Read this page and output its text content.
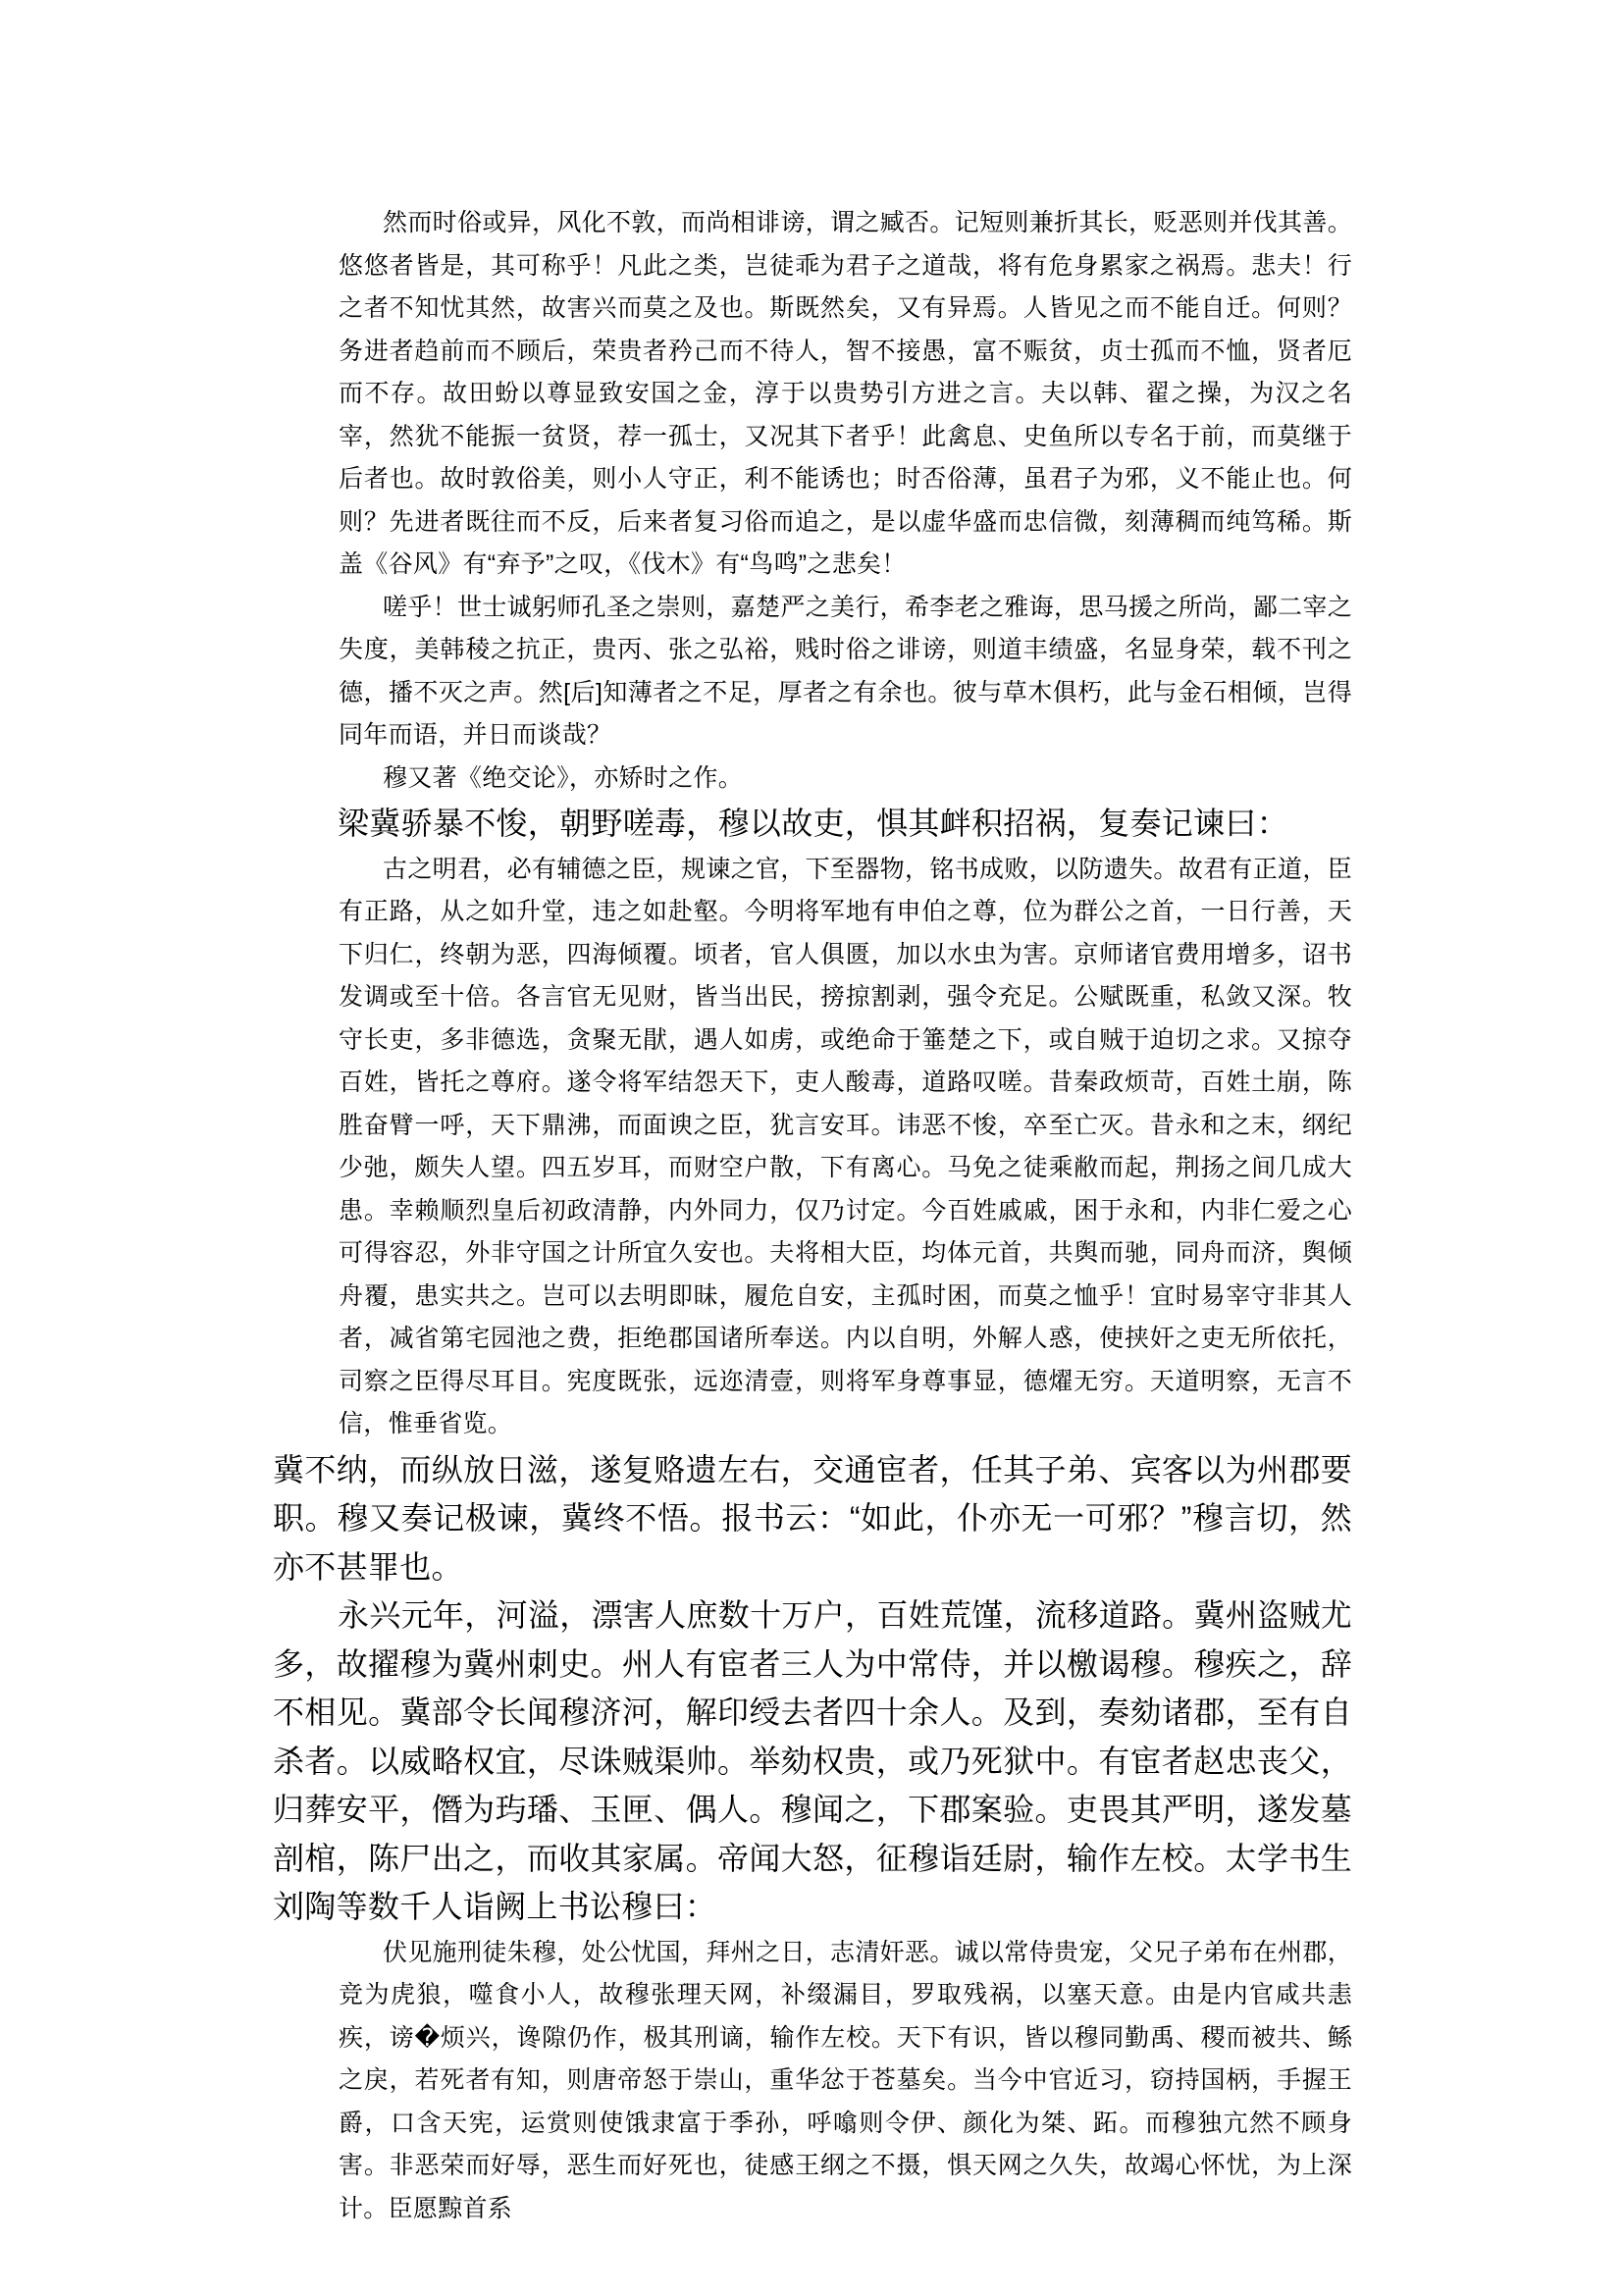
然而时俗或异，风化不敦，而尚相诽谤，谓之臧否。记短则兼折其长，贬恶则并伐其善。悠悠者皆是，其可称乎！凡此之类，岂徒乖为君子之道哉，将有危身累家之祸焉。悲夫！行之者不知忧其然，故害兴而莫之及也。斯既然矣，又有异焉。人皆见之而不能自迁。何则？务进者趋前而不顾后，荣贵者矜己而不待人，智不接愚，富不赈贫，贞士孤而不恤，贤者厄而不存。故田蚡以尊显致安国之金，淳于以贵势引方进之言。夫以韩、翟之操，为汉之名宰，然犹不能振一贫贤，荐一孤士，又况其下者乎！此禽息、史鱼所以专名于前，而莫继于后者也。故时敦俗美，则小人守正，利不能诱也；时否俗薄，虽君子为邪，义不能止也。何则？先进者既往而不反，后来者复习俗而追之，是以虚华盛而忠信微，刻薄稠而纯笃稀。斯盖《谷风》有“弃予”之叹，《伐木》有“鸟鸣”之悲矣！

嗟乎！世士诚躬师孔圣之崇则，嘉楚严之美行，希李老之雅诲，思马援之所尚，鄙二宰之失度，美韩稜之抗正，贵丙、张之弘裕，贱时俗之诽谤，则道丰绩盛，名显身荣，载不刊之德，播不灭之声。然[后]知薄者之不足，厚者之有余也。彼与草木俱朽，此与金石相倾，岂得同年而语，并日而谈哉？

穆又著《绝交论》，亦矫时之作。

梁冀骄暴不悛，朝野嗟毒，穆以故吏，惧其衅积招祸，复奏记谏曰：

古之明君，必有辅德之臣，规谏之官，下至器物，铭书成败，以防遗失。故君有正道，臣有正路，从之如升堂，违之如赴壑。今明将军地有申伯之尊，位为群公之首，一日行善，天下归仁，终朝为恶，四海倾覆。顷者，官人俱匮，加以水虫为害。京师诸官费用增多，诏书发调或至十倍。各言官无见财，皆当出民，搒掠割剥，强令充足。公赋既重，私敛又深。牧守长吏，多非德选，贪聚无猒，遇人如虏，或绝命于箠楚之下，或自贼于迫切之求。又掠夺百姓，皆托之尊府。遂令将军结怨天下，吏人酸毒，道路叹嗟。昔秦政烦苛，百姓土崩，陈胜奋臂一呼，天下鼎沸，而面谀之臣，犹言安耳。讳恶不悛，卒至亡灭。昔永和之末，纲纪少弛，颇失人望。四五岁耳，而财空户散，下有离心。马免之徒乘敝而起，荆扬之间几成大患。幸赖顺烈皇后初政清静，内外同力，仅乃讨定。今百姓戚戚，困于永和，内非仁爱之心可得容忍，外非守国之计所宜久安也。夫将相大臣，均体元首，共舆而驰，同舟而济，舆倾舟覆，患实共之。岂可以去明即昧，履危自安，主孤时困，而莫之恤乎！宜时易宰守非其人者，减省第宅园池之费，拒绝郡国诸所奉送。内以自明，外解人惑，使挟奸之吏无所依托，司察之臣得尽耳目。宪度既张，远迩清壹，则将军身尊事显，德燿无穷。天道明察，无言不信，惟垂省览。

冀不纳，而纵放日滋，遂复赂遗左右，交通宦者，任其子弟、宾客以为州郡要职。穆又奏记极谏，冀终不悟。报书云：“如此，仆亦无一可邪？”穆言切，然亦不甚罪也。

永兴元年，河溢，漂害人庶数十万户，百姓荒馑，流移道路。冀州盗贼尤多，故擢穆为冀州刺史。州人有宦者三人为中常侍，并以檄谒穆。穆疾之，辞不相见。冀部令长闻穆济河，解印绶去者四十余人。及到，奏劾诸郡，至有自杀者。以威略权宜，尽诛贼渠帅。举劾权贵，或乃死狱中。有宦者赵忠丧父，归葬安平，僭为玙璠、玉匣、偶人。穆闻之，下郡案验。吏畏其严明，遂发墓剖棺，陈尸出之，而收其家属。帝闻大怒，征穆诣廷尉，输作左校。太学书生刘陶等数千人诣阙上书讼穆曰：

伏见施刑徒朱穆，处公忧国，拜州之日，志清奸恶。诚以常侍贵宠，父兄子弟布在州郡，竞为虎狼，噬食小人，故穆张理天网，补缀漏目，罗取残祸，以塞天意。由是内官咸共恚疾，谤�烦兴，谗隙仍作，极其刑谪，输作左校。天下有识，皆以穆同勤禹、稷而被共、鲧之戾，若死者有知，则唐帝怒于崇山，重华忿于苍墓矣。当今中官近习，窃持国柄，手握王爵，口含天宪，运赏则使饿隶富于季孙，呼噏则令伊、颜化为桀、跖。而穆独亢然不顾身害。非恶荣而好辱，恶生而好死也，徒感王纲之不摄，惧天网之久失，故竭心怀忧，为上深计。臣愿黥首系
